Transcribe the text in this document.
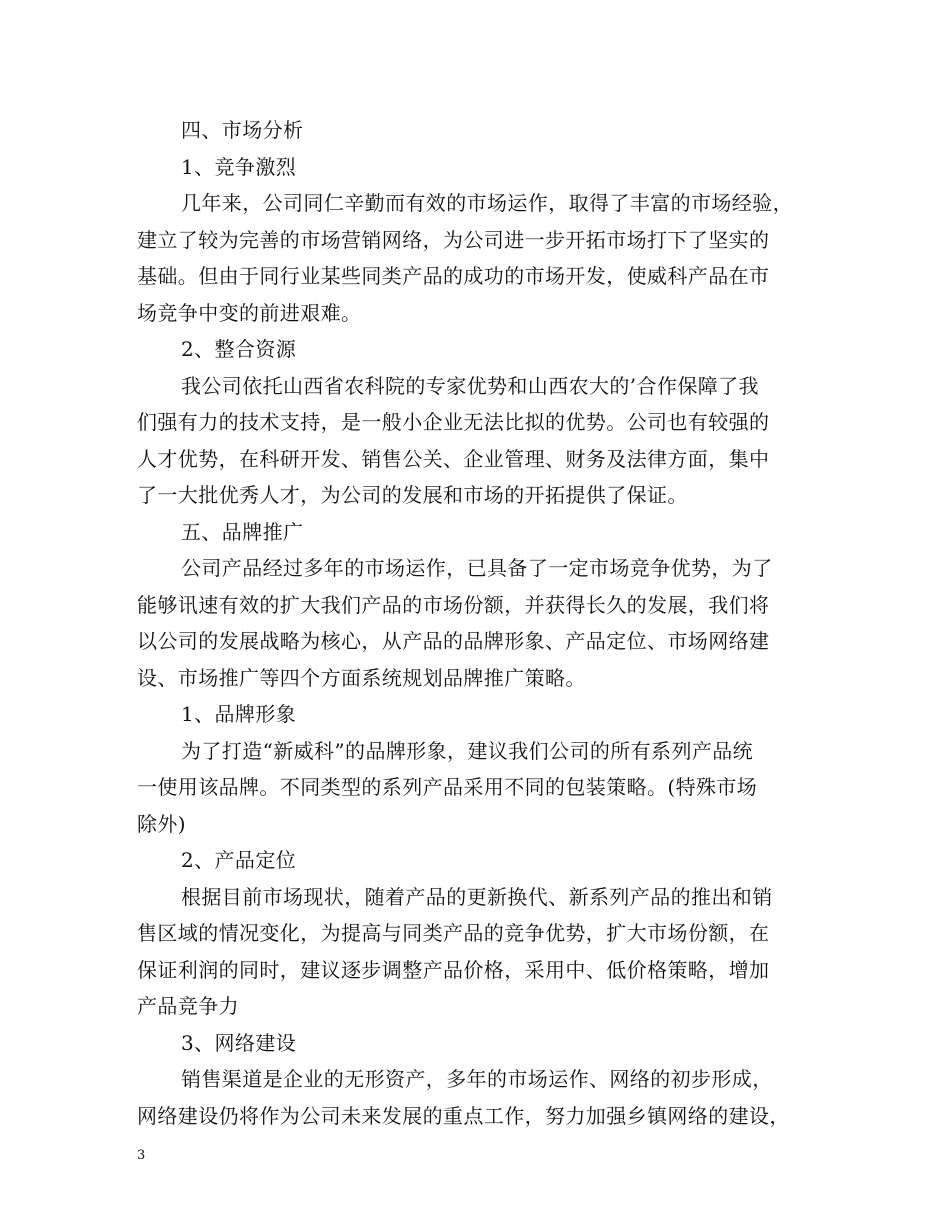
四、市场分析
1、竞争激烈
几年来，公司同仁辛勤而有效的市场运作，取得了丰富的市场经验，
建立了较为完善的市场营销网络，为公司进一步开拓市场打下了坚实的
基础。但由于同行业某些同类产品的成功的市场开发，使威科产品在市
场竞争中变的前进艰难。
2、整合资源
我公司依托山西省农科院的专家优势和山西农大的’合作保障了我
们强有力的技术支持，是一般小企业无法比拟的优势。公司也有较强的
人才优势，在科研开发、销售公关、企业管理、财务及法律方面，集中
了一大批优秀人才，为公司的发展和市场的开拓提供了保证。
五、品牌推广
公司产品经过多年的市场运作，已具备了一定市场竞争优势，为了
能够讯速有效的扩大我们产品的市场份额，并获得长久的发展，我们将
以公司的发展战略为核心，从产品的品牌形象、产品定位、市场网络建
设、市场推广等四个方面系统规划品牌推广策略。
1、品牌形象
为了打造“新威科”的品牌形象，建议我们公司的所有系列产品统
一使用该品牌。不同类型的系列产品采用不同的包装策略。(特殊市场
除外)
2、产品定位
根据目前市场现状，随着产品的更新换代、新系列产品的推出和销
售区域的情况变化，为提高与同类产品的竞争优势，扩大市场份额，在
保证利润的同时，建议逐步调整产品价格，采用中、低价格策略，增加
产品竞争力
3、网络建设
销售渠道是企业的无形资产，多年的市场运作、网络的初步形成，
网络建设仍将作为公司未来发展的重点工作，努力加强乡镇网络的建设，
3
